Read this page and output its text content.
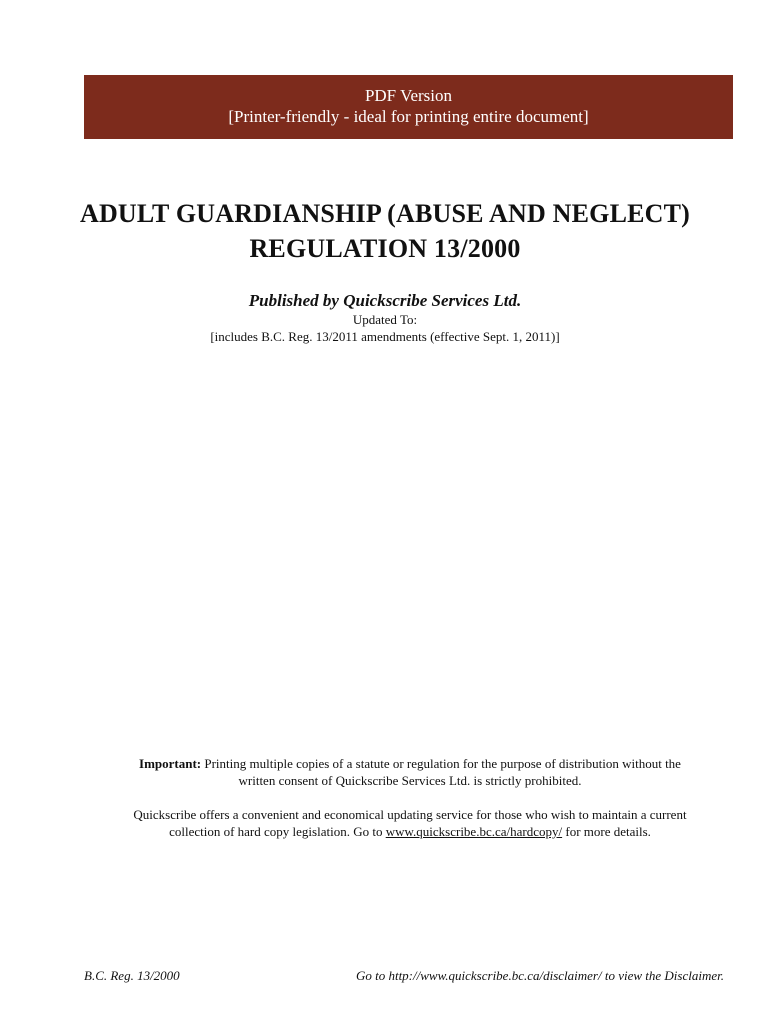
PDF Version
[Printer-friendly - ideal for printing entire document]
ADULT GUARDIANSHIP (ABUSE AND NEGLECT)
REGULATION 13/2000
Published by Quickscribe Services Ltd.
Updated To:
[includes B.C. Reg. 13/2011 amendments (effective Sept. 1, 2011)]
Important: Printing multiple copies of a statute or regulation for the purpose of distribution without the
written consent of Quickscribe Services Ltd. is strictly prohibited.
Quickscribe offers a convenient and economical updating service for those who wish to maintain a current
collection of hard copy legislation. Go to www.quickscribe.bc.ca/hardcopy/ for more details.
B.C. Reg. 13/2000	Go to http://www.quickscribe.bc.ca/disclaimer/ to view the Disclaimer.
